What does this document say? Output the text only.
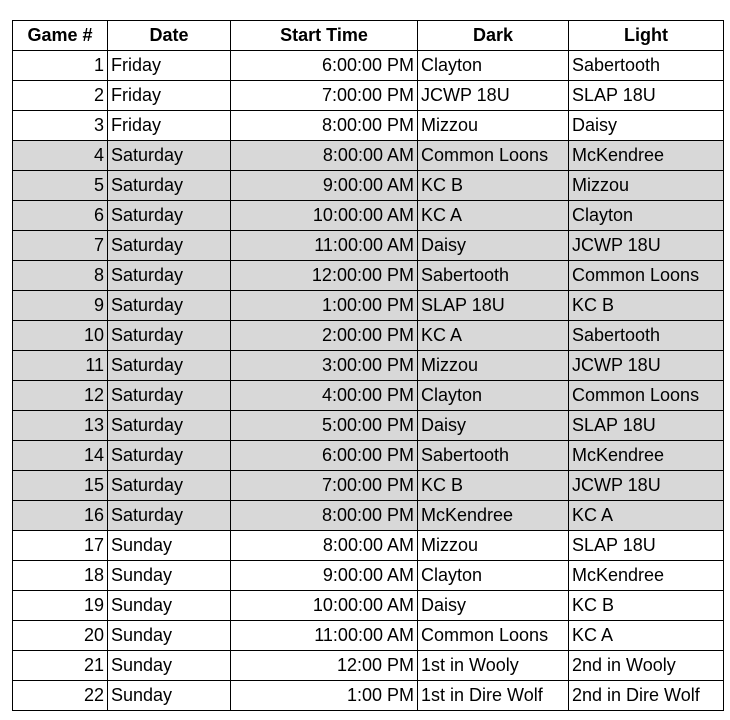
Game #	Date	Start Time	Dark	Light
1	Friday	6:00:00 PM	Clayton	Sabertooth
2	Friday	7:00:00 PM	JCWP 18U	SLAP 18U
3	Friday	8:00:00 PM	Mizzou	Daisy
4	Saturday	8:00:00 AM	Common Loons	McKendree
5	Saturday	9:00:00 AM	KC B	Mizzou
6	Saturday	10:00:00 AM	KC A	Clayton
7	Saturday	11:00:00 AM	Daisy	JCWP 18U
8	Saturday	12:00:00 PM	Sabertooth	Common Loons
9	Saturday	1:00:00 PM	SLAP 18U	KC B
10	Saturday	2:00:00 PM	KC A	Sabertooth
11	Saturday	3:00:00 PM	Mizzou	JCWP 18U
12	Saturday	4:00:00 PM	Clayton	Common Loons
13	Saturday	5:00:00 PM	Daisy	SLAP 18U
14	Saturday	6:00:00 PM	Sabertooth	McKendree
15	Saturday	7:00:00 PM	KC B	JCWP 18U
16	Saturday	8:00:00 PM	McKendree	KC A
17	Sunday	8:00:00 AM	Mizzou	SLAP 18U
18	Sunday	9:00:00 AM	Clayton	McKendree
19	Sunday	10:00:00 AM	Daisy	KC B
20	Sunday	11:00:00 AM	Common Loons	KC A
21	Sunday	12:00 PM	1st in Wooly	2nd in Wooly
22	Sunday	1:00 PM	1st in Dire Wolf	2nd in Dire Wolf
